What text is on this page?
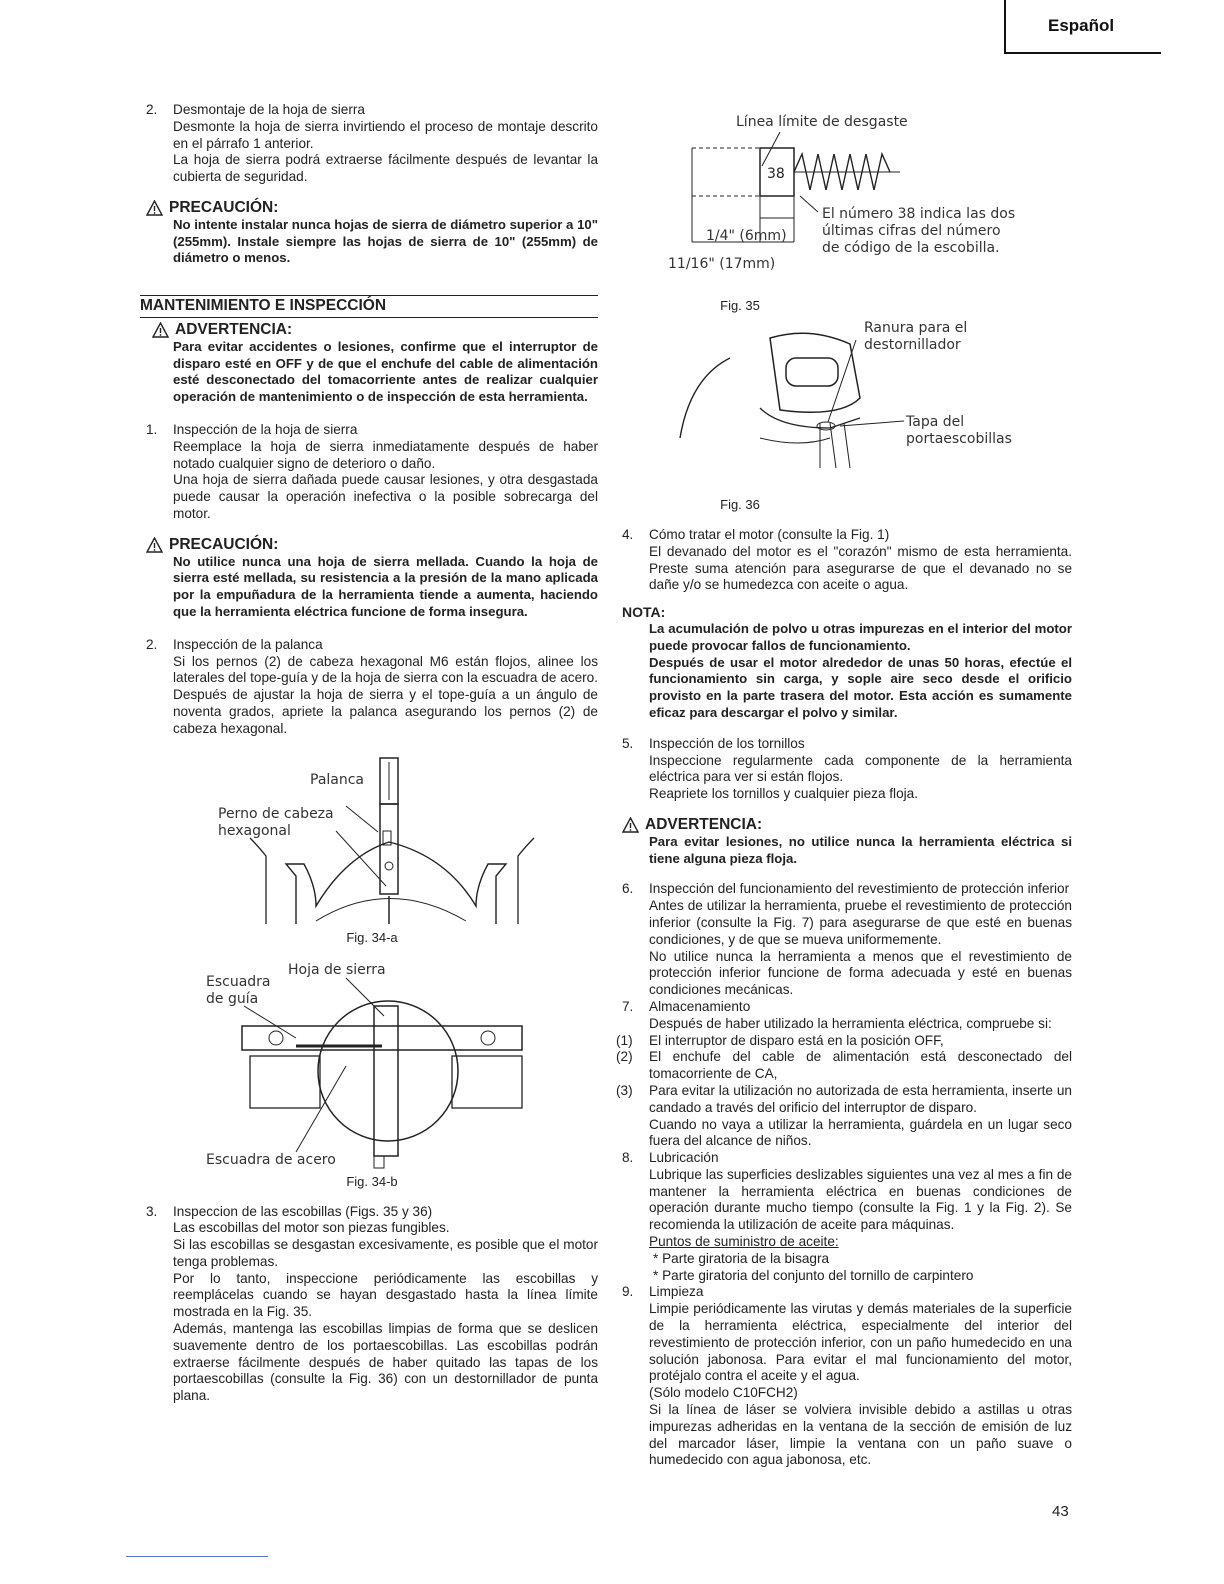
Español
2. Desmontaje de la hoja de sierra
Desmonte la hoja de sierra invirtiendo el proceso de montaje descrito en el párrafo 1 anterior.
La hoja de sierra podrá extraerse fácilmente después de levantar la cubierta de seguridad.
PRECAUCIÓN:
No intente instalar nunca hojas de sierra de diámetro superior a 10" (255mm). Instale siempre las hojas de sierra de 10" (255mm) de diámetro o menos.
MANTENIMIENTO E INSPECCIÓN
ADVERTENCIA:
Para evitar accidentes o lesiones, confirme que el interruptor de disparo esté en OFF y de que el enchufe del cable de alimentación esté desconectado del tomacorriente antes de realizar cualquier operación de mantenimiento o de inspección de esta herramienta.
1. Inspección de la hoja de sierra
Reemplace la hoja de sierra inmediatamente después de haber notado cualquier signo de deterioro o daño.
Una hoja de sierra dañada puede causar lesiones, y otra desgastada puede causar la operación inefectiva o la posible sobrecarga del motor.
PRECAUCIÓN:
No utilice nunca una hoja de sierra mellada. Cuando la hoja de sierra esté mellada, su resistencia a la presión de la mano aplicada por la empuñadura de la herramienta tiende a aumenta, haciendo que la herramienta eléctrica funcione de forma insegura.
2. Inspección de la palanca
Si los pernos (2) de cabeza hexagonal M6 están flojos, alinee los laterales del tope-guía y de la hoja de sierra con la escuadra de acero. Después de ajustar la hoja de sierra y el tope-guía a un ángulo de noventa grados, apriete la palanca asegurando los pernos (2) de cabeza hexagonal.
Palanca
Perno de cabeza
hexagonal
Fig. 34-a
Hoja de sierra
Escuadra
de guía
Escuadra de acero
Fig. 34-b
3. Inspeccion de las escobillas (Figs. 35 y 36)
Las escobillas del motor son piezas fungibles.
Si las escobillas se desgastan excesivamente, es posible que el motor tenga problemas.
Por lo tanto, inspeccione periódicamente las escobillas y reemplácelas cuando se hayan desgastado hasta la línea límite mostrada en la Fig. 35.
Además, mantenga las escobillas limpias de forma que se deslicen suavemente dentro de los portaescobillas. Las escobillas podrán extraerse fácilmente después de haber quitado las tapas de los portaescobillas (consulte la Fig. 36) con un destornillador de punta plana.
Línea límite de desgaste
38
1/4" (6mm)
11/16" (17mm)
El número 38 indica las dos
últimas cifras del número
de código de la escobilla.
Fig. 35
Ranura para el
destornillador
Tapa del
portaescobillas
Fig. 36
4. Cómo tratar el motor (consulte la Fig. 1)
El devanado del motor es el "corazón" mismo de esta herramienta. Preste suma atención para asegurarse de que el devanado no se dañe y/o se humedezca con aceite o agua.
NOTA:
La acumulación de polvo u otras impurezas en el interior del motor puede provocar fallos de funcionamiento.
Después de usar el motor alrededor de unas 50 horas, efectúe el funcionamiento sin carga, y sople aire seco desde el orificio provisto en la parte trasera del motor. Esta acción es sumamente eficaz para descargar el polvo y similar.
5. Inspección de los tornillos
Inspeccione regularmente cada componente de la herramienta eléctrica para ver si están flojos.
Reapriete los tornillos y cualquier pieza floja.
ADVERTENCIA:
Para evitar lesiones, no utilice nunca la herramienta eléctrica si tiene alguna pieza floja.
6. Inspección del funcionamiento del revestimiento de protección inferior
Antes de utilizar la herramienta, pruebe el revestimiento de protección inferior (consulte la Fig. 7) para asegurarse de que esté en buenas condiciones, y de que se mueva uniformemente.
No utilice nunca la herramienta a menos que el revestimiento de protección inferior funcione de forma adecuada y esté en buenas condiciones mecánicas.
7. Almacenamiento
Después de haber utilizado la herramienta eléctrica, compruebe si:
(1) El interruptor de disparo está en la posición OFF,
(2) El enchufe del cable de alimentación está desconectado del tomacorriente de CA,
(3) Para evitar la utilización no autorizada de esta herramienta, inserte un candado a través del orificio del interruptor de disparo.
Cuando no vaya a utilizar la herramienta, guárdela en un lugar seco fuera del alcance de niños.
8. Lubricación
Lubrique las superficies deslizables siguientes una vez al mes a fin de mantener la herramienta eléctrica en buenas condiciones de operación durante mucho tiempo (consulte la Fig. 1 y la Fig. 2). Se recomienda la utilización de aceite para máquinas.
Puntos de suministro de aceite:
* Parte giratoria de la bisagra
* Parte giratoria del conjunto del tornillo de carpintero
9. Limpieza
Limpie periódicamente las virutas y demás materiales de la superficie de la herramienta eléctrica, especialmente del interior del revestimiento de protección inferior, con un paño humedecido en una solución jabonosa. Para evitar el mal funcionamiento del motor, protéjalo contra el aceite y el agua.
(Sólo modelo C10FCH2)
Si la línea de láser se volviera invisible debido a astillas u otras impurezas adheridas en la ventana de la sección de emisión de luz del marcador láser, limpie la ventana con un paño suave o humedecido con agua jabonosa, etc.
43
